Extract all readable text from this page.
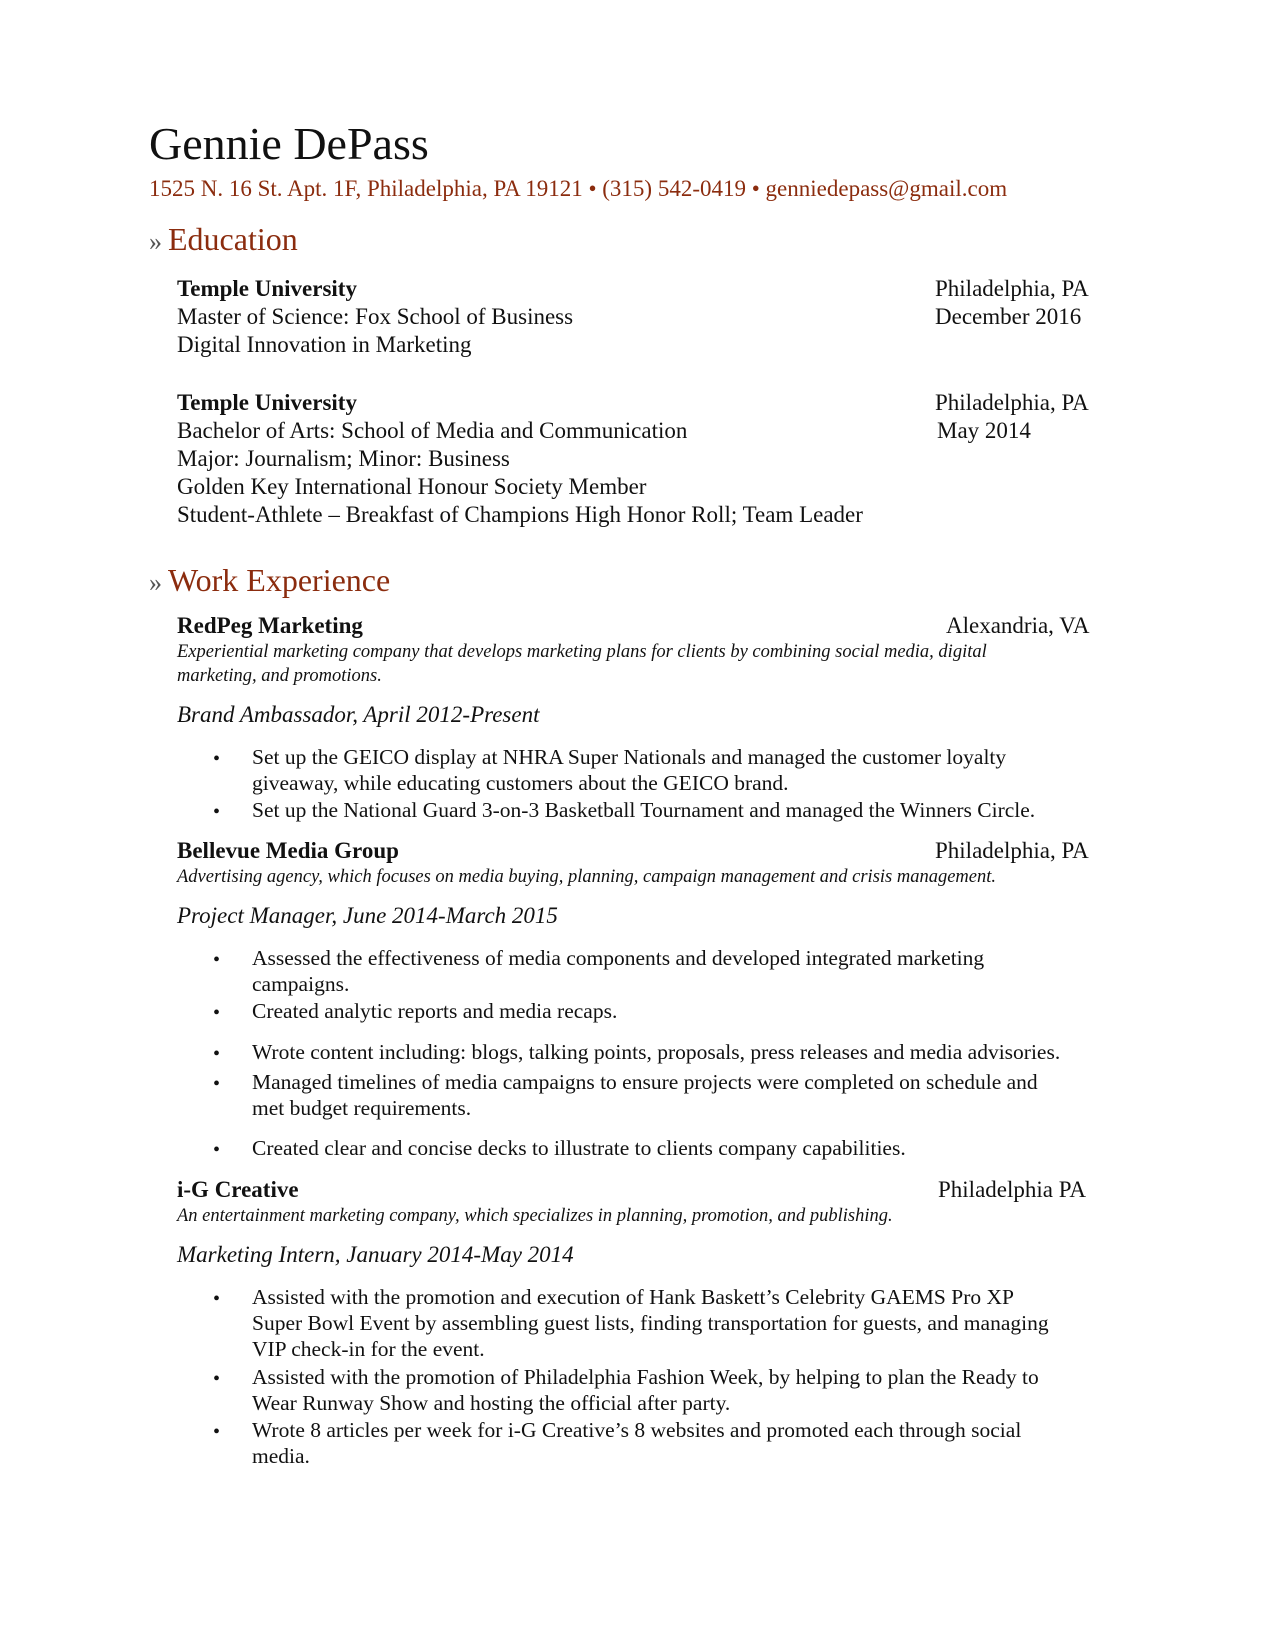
Gennie DePass
1525 N. 16 St. Apt. 1F, Philadelphia, PA 19121 • (315) 542-0419 • genniedepass@gmail.com
» Education
Temple University	Philadelphia, PA
Master of Science: Fox School of Business	December 2016
Digital Innovation in Marketing
Temple University	Philadelphia, PA
Bachelor of Arts: School of Media and Communication	May 2014
Major: Journalism; Minor: Business
Golden Key International Honour Society Member
Student-Athlete – Breakfast of Champions High Honor Roll; Team Leader
» Work Experience
RedPeg Marketing	Alexandria, VA
Experiential marketing company that develops marketing plans for clients by combining social media, digital
marketing, and promotions.
Brand Ambassador, April 2012-Present
• Set up the GEICO display at NHRA Super Nationals and managed the customer loyalty
giveaway, while educating customers about the GEICO brand.
• Set up the National Guard 3-on-3 Basketball Tournament and managed the Winners Circle.
Bellevue Media Group	Philadelphia, PA
Advertising agency, which focuses on media buying, planning, campaign management and crisis management.
Project Manager, June 2014-March 2015
• Assessed the effectiveness of media components and developed integrated marketing
campaigns.
• Created analytic reports and media recaps.
• Wrote content including: blogs, talking points, proposals, press releases and media advisories.
• Managed timelines of media campaigns to ensure projects were completed on schedule and
met budget requirements.
• Created clear and concise decks to illustrate to clients company capabilities.
i-G Creative	Philadelphia PA
An entertainment marketing company, which specializes in planning, promotion, and publishing.
Marketing Intern, January 2014-May 2014
• Assisted with the promotion and execution of Hank Baskett’s Celebrity GAEMS Pro XP
Super Bowl Event by assembling guest lists, finding transportation for guests, and managing
VIP check-in for the event.
• Assisted with the promotion of Philadelphia Fashion Week, by helping to plan the Ready to
Wear Runway Show and hosting the official after party.
• Wrote 8 articles per week for i-G Creative’s 8 websites and promoted each through social
media.
